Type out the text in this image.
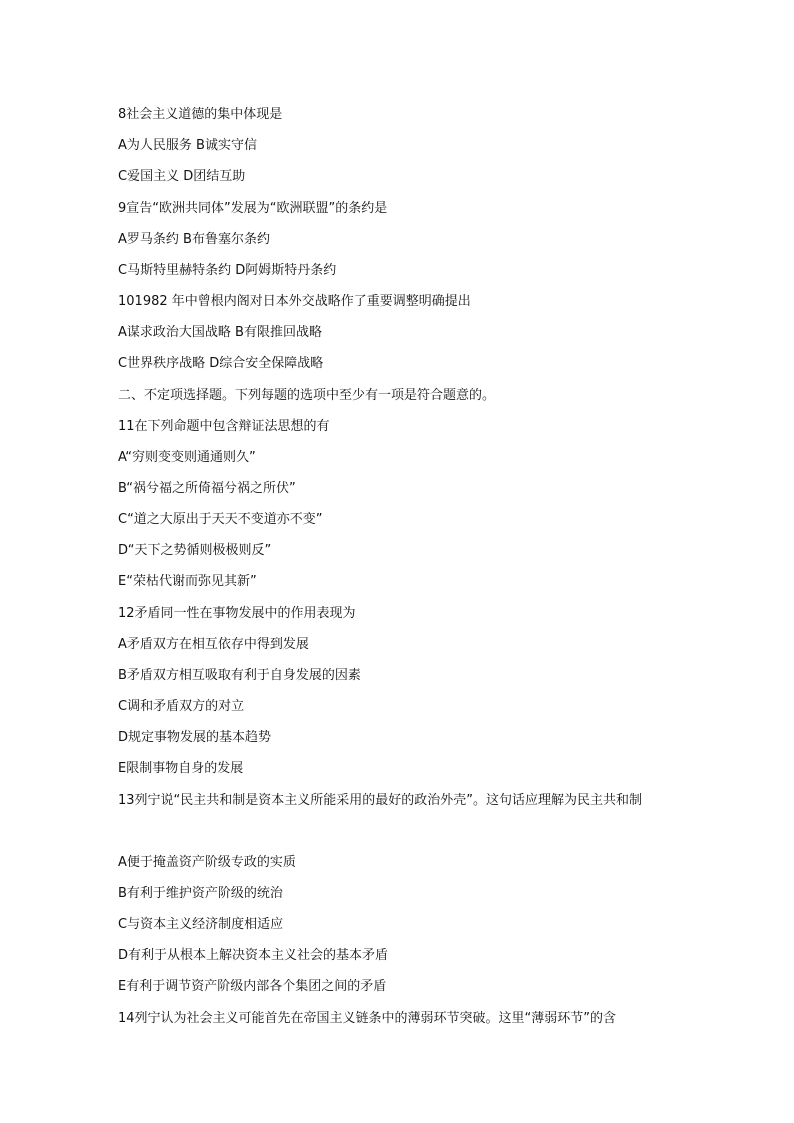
8社会主义道德的集中体现是
A为人民服务 B诚实守信
C爱国主义 D团结互助
9宣告“欧洲共同体”发展为“欧洲联盟”的条约是
A罗马条约 B布鲁塞尔条约
C马斯特里赫特条约 D阿姆斯特丹条约
101982 年中曾根内阁对日本外交战略作了重要调整明确提出
A谋求政治大国战略 B有限推回战略
C世界秩序战略 D综合安全保障战略
二、不定项选择题。下列每题的选项中至少有一项是符合题意的。
11在下列命题中包含辩证法思想的有
A“穷则变变则通通则久”
B“祸兮福之所倚福兮祸之所伏”
C“道之大原出于天天不变道亦不变”
D“天下之势循则极极则反”
E“荣枯代谢而弥见其新”
12矛盾同一性在事物发展中的作用表现为
A矛盾双方在相互依存中得到发展
B矛盾双方相互吸取有利于自身发展的因素
C调和矛盾双方的对立
D规定事物发展的基本趋势
E限制事物自身的发展
13列宁说“民主共和制是资本主义所能采用的最好的政治外壳”。这句话应理解为民主共和制
A便于掩盖资产阶级专政的实质
B有利于维护资产阶级的统治
C与资本主义经济制度相适应
D有利于从根本上解决资本主义社会的基本矛盾
E有利于调节资产阶级内部各个集团之间的矛盾
14列宁认为社会主义可能首先在帝国主义链条中的薄弱环节突破。这里“薄弱环节”的含
